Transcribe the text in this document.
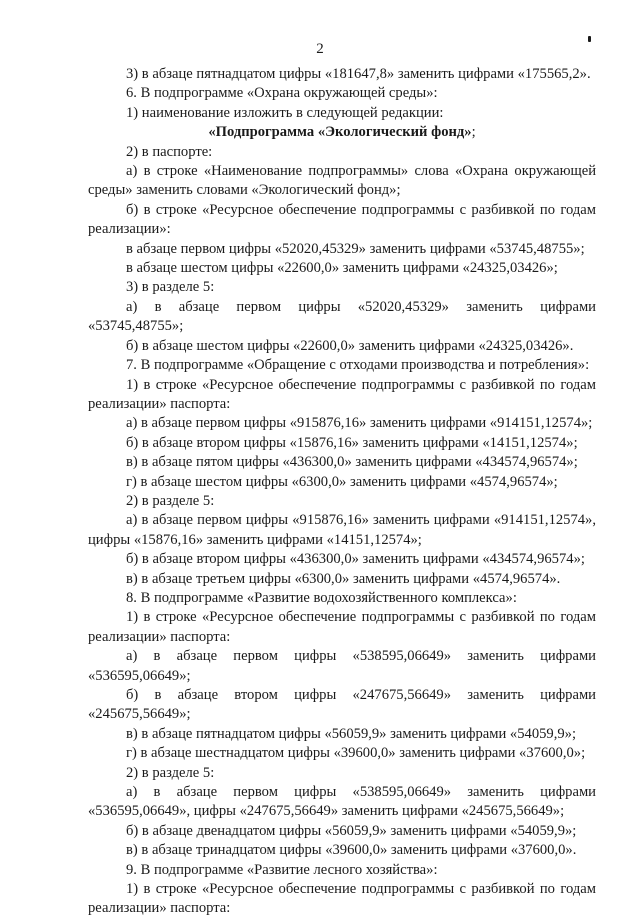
2

3) в абзаце пятнадцатом цифры «181647,8» заменить цифрами «175565,2».

6. В подпрограмме «Охрана окружающей среды»:

1) наименование изложить в следующей редакции:

«Подпрограмма «Экологический фонд»;

2) в паспорте:

а) в строке «Наименование подпрограммы» слова «Охрана окружающей среды» заменить словами «Экологический фонд»;

б) в строке «Ресурсное обеспечение подпрограммы с разбивкой по годам реализации»:

в абзаце первом цифры «52020,45329» заменить цифрами «53745,48755»;

в абзаце шестом цифры «22600,0» заменить цифрами «24325,03426»;

3) в разделе 5:

а) в абзаце первом цифры «52020,45329» заменить цифрами «53745,48755»;

б) в абзаце шестом цифры «22600,0» заменить цифрами «24325,03426».

7. В подпрограмме «Обращение с отходами производства и потребления»:

1) в строке «Ресурсное обеспечение подпрограммы с разбивкой по годам реализации» паспорта:

а) в абзаце первом цифры «915876,16» заменить цифрами «914151,12574»;

б) в абзаце втором цифры «15876,16» заменить цифрами «14151,12574»;

в) в абзаце пятом цифры «436300,0» заменить цифрами «434574,96574»;

г) в абзаце шестом цифры «6300,0» заменить цифрами «4574,96574»;

2) в разделе 5:

а) в абзаце первом цифры «915876,16» заменить цифрами «914151,12574», цифры «15876,16» заменить цифрами «14151,12574»;

б) в абзаце втором цифры «436300,0» заменить цифрами «434574,96574»;

в) в абзаце третьем цифры «6300,0» заменить цифрами «4574,96574».

8. В подпрограмме «Развитие водохозяйственного комплекса»:

1) в строке «Ресурсное обеспечение подпрограммы с разбивкой по годам реализации» паспорта:

а) в абзаце первом цифры «538595,06649» заменить цифрами «536595,06649»;

б) в абзаце втором цифры «247675,56649» заменить цифрами «245675,56649»;

в) в абзаце пятнадцатом цифры «56059,9» заменить цифрами «54059,9»;

г) в абзаце шестнадцатом цифры «39600,0» заменить цифрами «37600,0»;

2) в разделе 5:

а) в абзаце первом цифры «538595,06649» заменить цифрами «536595,06649», цифры «247675,56649» заменить цифрами «245675,56649»;

б) в абзаце двенадцатом цифры «56059,9» заменить цифрами «54059,9»;

в) в абзаце тринадцатом цифры «39600,0» заменить цифрами «37600,0».

9. В подпрограмме «Развитие лесного хозяйства»:

1) в строке «Ресурсное обеспечение подпрограммы с разбивкой по годам реализации» паспорта:
